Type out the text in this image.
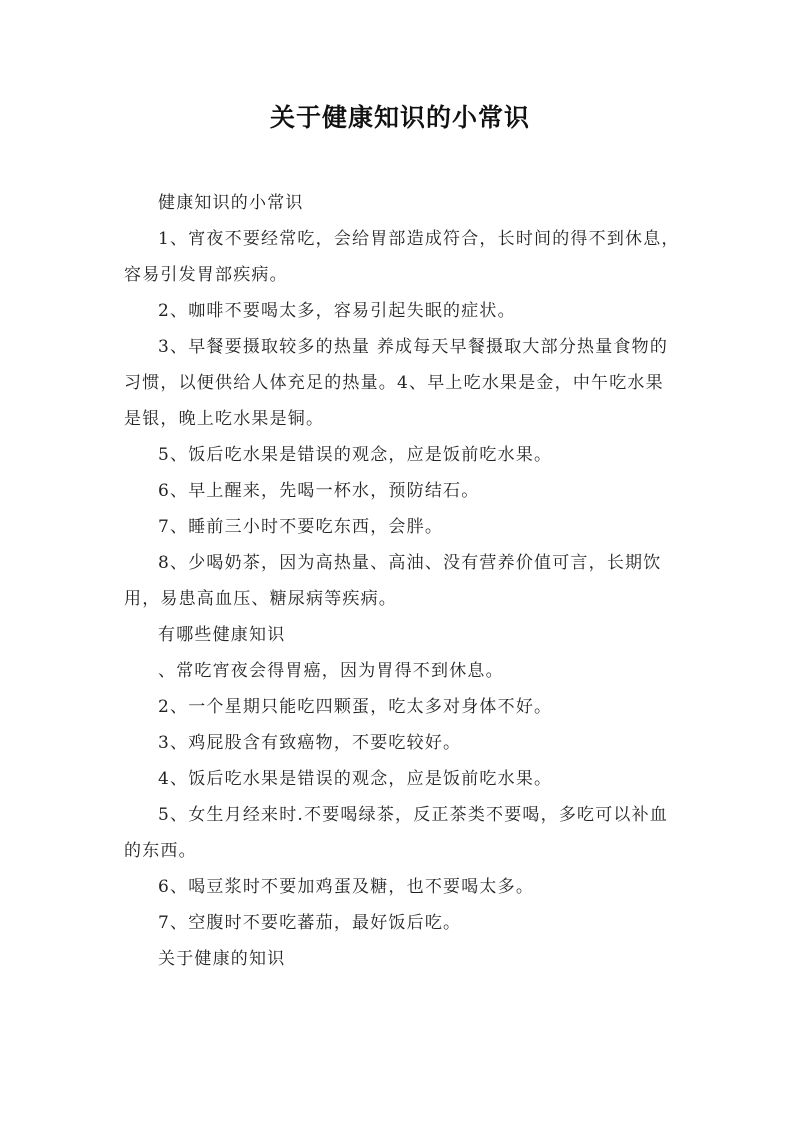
关于健康知识的小常识

健康知识的小常识

1、宵夜不要经常吃，会给胃部造成符合，长时间的得不到休息，容易引发胃部疾病。

2、咖啡不要喝太多，容易引起失眠的症状。

3、早餐要摄取较多的热量 养成每天早餐摄取大部分热量食物的习惯，以便供给人体充足的热量。4、早上吃水果是金，中午吃水果是银，晚上吃水果是铜。

5、饭后吃水果是错误的观念，应是饭前吃水果。

6、早上醒来，先喝一杯水，预防结石。

7、睡前三小时不要吃东西，会胖。

8、少喝奶茶，因为高热量、高油、没有营养价值可言，长期饮用，易患高血压、糖尿病等疾病。

有哪些健康知识

、常吃宵夜会得胃癌，因为胃得不到休息。

2、一个星期只能吃四颗蛋，吃太多对身体不好。

3、鸡屁股含有致癌物，不要吃较好。

4、饭后吃水果是错误的观念，应是饭前吃水果。

5、女生月经来时.不要喝绿茶，反正茶类不要喝，多吃可以补血的东西。

6、喝豆浆时不要加鸡蛋及糖，也不要喝太多。

7、空腹时不要吃蕃茄，最好饭后吃。

关于健康的知识
